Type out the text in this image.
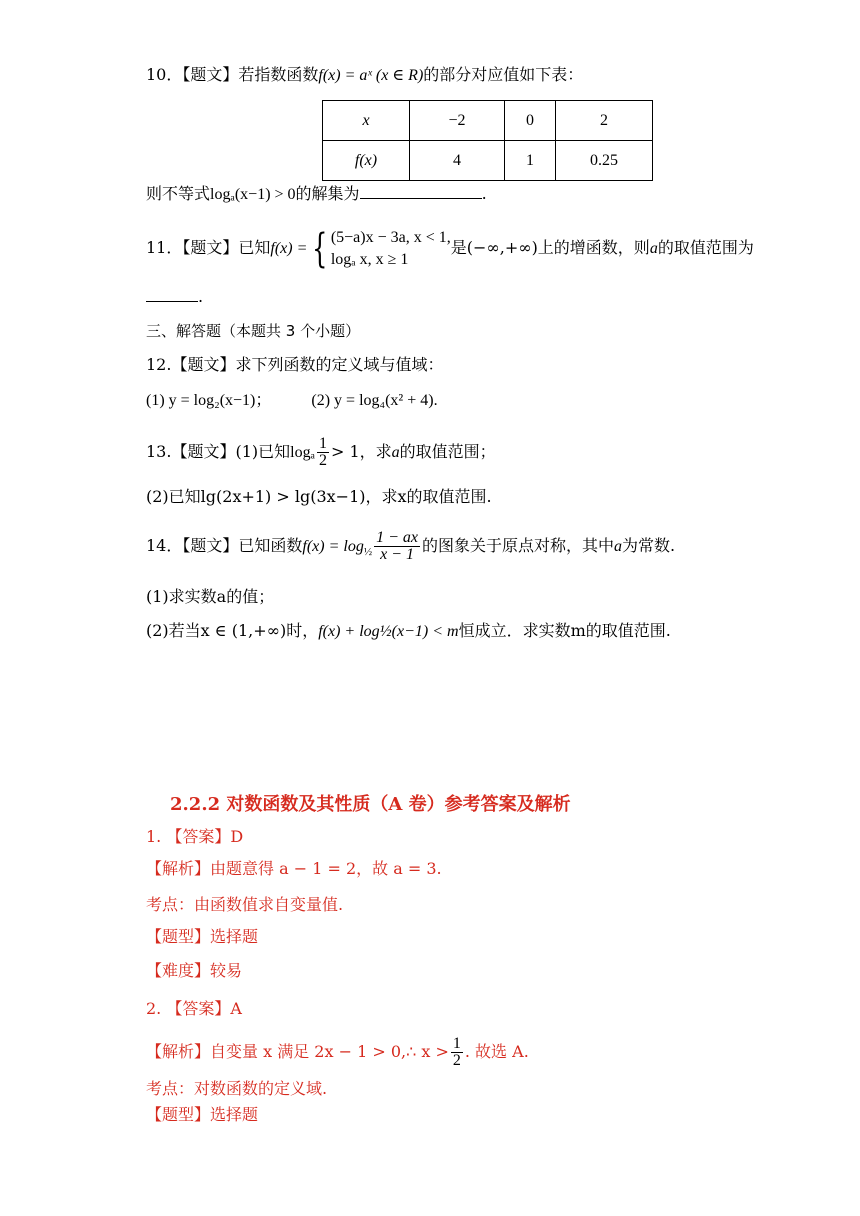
10．【题文】若指数函数f(x) = aˣ (x ∈ R)的部分对应值如下表：
x	−2	0	2
f(x)	4	1	0.25
则不等式logₐ(x−1) > 0的解集为	.
11．【题文】已知f(x) = { (5−a)x − 3a, x < 1,
logₐ x, x ≥ 1
是(−∞,+∞)上的增函数，则a的取值范围为
.
三、解答题（本题共 3 个小题）
12.【题文】求下列函数的定义域与值域：
(1) y = log₂(x−1)；	(2) y = log₄(x² + 4).
13.【题文】(1)已知logₐ $\frac{1}{2} > 1$，求a的取值范围；
(2)已知lg(2x+1) > lg(3x−1)，求x的取值范围.
14．【题文】已知函数$f(x) = \log_{\frac{1}{2}} \frac{1 - ax}{x - 1}$ 的图象关于原点对称，其中a为常数.
(1)求实数a的值；
(2)若当x ∈ (1,+∞)时，f(x) + log½(x−1) < m恒成立．求实数m的取值范围.
2.2.2 对数函数及其性质（A 卷）参考答案及解析
1. 【答案】D
【解析】由题意得 a − 1 = 2，故 a = 3.
考点：由函数值求自变量值.
【题型】选择题
【难度】较易
2. 【答案】A
【解析】自变量 x 满足 2x − 1 > 0,∴ $x > \frac{1}{2}$ . 故选 A.
考点：对数函数的定义域.
【题型】选择题
